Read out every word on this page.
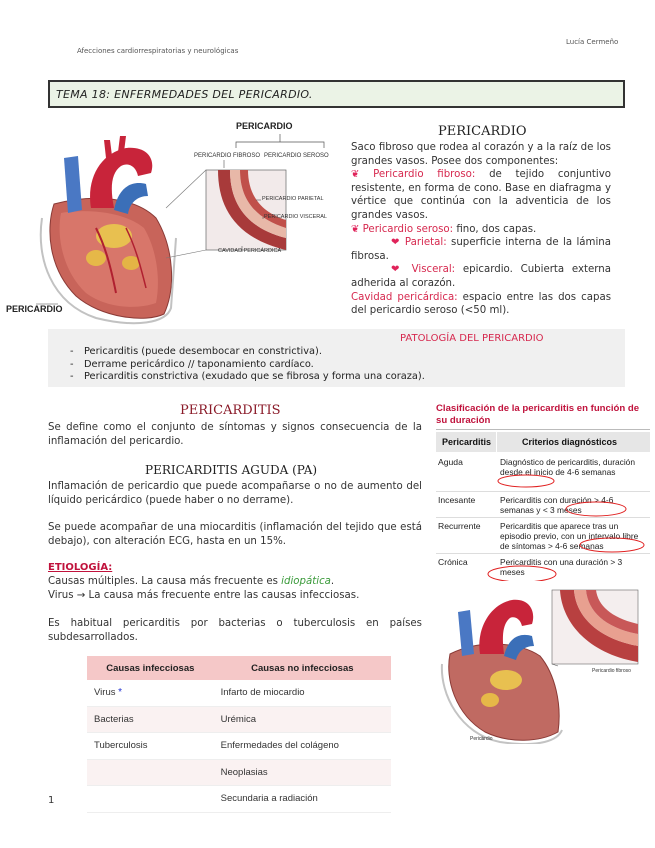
Afecciones cardiorrespiratorias y neurológicas
Lucía Cermeño
TEMA 18: ENFERMEDADES DEL PERICARDIO.
PERICARDIO
PERICARDIO FIBROSO PERICARDIO SEROSO
PERICARDIO PARIETAL
PERICARDIO VISCERAL
CAVIDAD PERICÁRDICA
PERICARDIO
PERICARDIO
Saco fibroso que rodea al corazón y a la raíz de los grandes vasos. Posee dos componentes:
❦ Pericardio fibroso: de tejido conjuntivo resistente, en forma de cono. Base en diafragma y vértice que continúa con la adventicia de los grandes vasos.
❦ Pericardio seroso: fino, dos capas.
❤ Parietal: superficie interna de la lámina fibrosa.
❤ Visceral: epicardio. Cubierta externa adherida al corazón.
Cavidad pericárdica: espacio entre las dos capas del pericardio seroso (<50 ml).
PATOLOGÍA DEL PERICARDIO
- Pericarditis (puede desembocar en constrictiva).
- Derrame pericárdico // taponamiento cardíaco.
- Pericarditis constrictiva (exudado que se fibrosa y forma una coraza).
PERICARDITIS
Se define como el conjunto de síntomas y signos consecuencia de la inflamación del pericardio.
PERICARDITIS AGUDA (PA)
Inflamación de pericardio que puede acompañarse o no de aumento del líquido pericárdico (puede haber o no derrame).
Se puede acompañar de una miocarditis (inflamación del tejido que está debajo), con alteración ECG, hasta en un 15%.
ETIOLOGÍA:
Causas múltiples. La causa más frecuente es idiopática.
Virus → La causa más frecuente entre las causas infecciosas.
Es habitual pericarditis por bacterias o tuberculosis en países subdesarrollados.
Clasificación de la pericarditis en función de su duración
Pericarditis	Criterios diagnósticos
Aguda	Diagnóstico de pericarditis, duración desde el inicio de 4-6 semanas
Incesante	Pericarditis con duración > 4-6 semanas y < 3 meses
Recurrente Pericarditis que aparece tras un episodio previo, con un intervalo libre de síntomas > 4-6 semanas
Crónica	Pericarditis con una duración > 3 meses
Pericardio fibroso
Pericardio
Causas infecciosas	Causas no infecciosas
Virus *	Infarto de miocardio
Bacterias	Urémica
Tuberculosis	Enfermedades del colágeno
	Neoplasias
	Secundaria a radiación
1
